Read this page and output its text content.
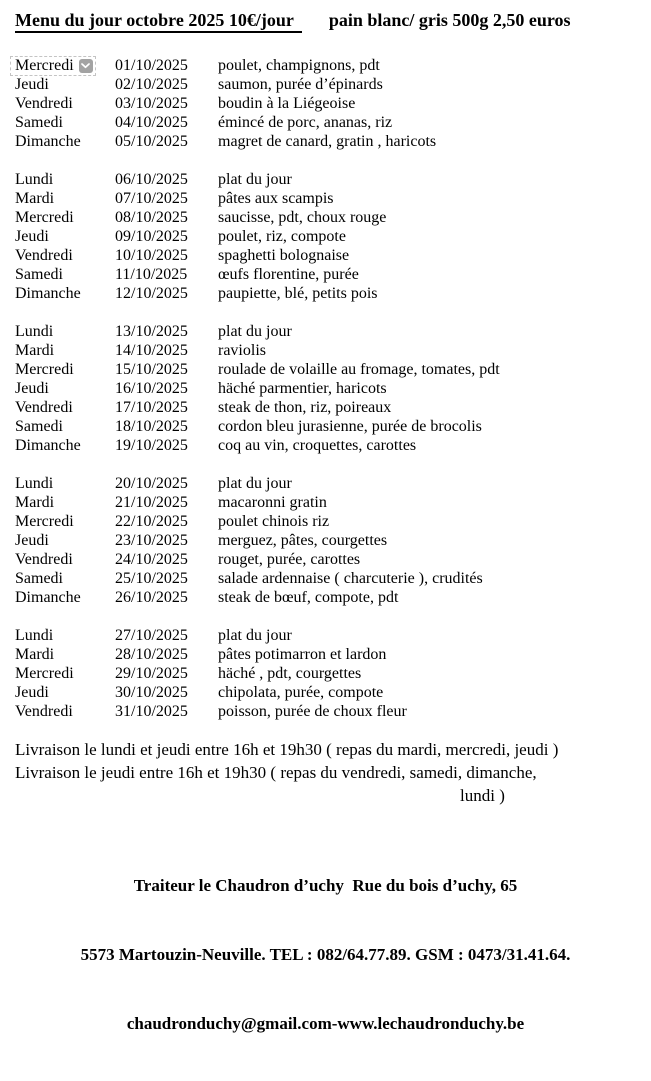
Menu du jour octobre 2025 10€/jour	pain blanc/ gris 500g 2,50 euros
Mercredi	01/10/2025	poulet, champignons, pdt
Jeudi	02/10/2025	saumon, purée d’épinards
Vendredi	03/10/2025	boudin à la Liégeoise
Samedi	04/10/2025	émincé de porc, ananas, riz
Dimanche	05/10/2025	magret de canard, gratin , haricots
Lundi	06/10/2025	plat du jour
Mardi	07/10/2025	pâtes aux scampis
Mercredi	08/10/2025	saucisse, pdt, choux rouge
Jeudi	09/10/2025	poulet, riz, compote
Vendredi	10/10/2025	spaghetti bolognaise
Samedi	11/10/2025	œufs florentine, purée
Dimanche	12/10/2025	paupiette, blé, petits pois
Lundi	13/10/2025	plat du jour
Mardi	14/10/2025	raviolis
Mercredi	15/10/2025	roulade de volaille au fromage, tomates, pdt
Jeudi	16/10/2025	häché parmentier, haricots
Vendredi	17/10/2025	steak de thon, riz, poireaux
Samedi	18/10/2025	cordon bleu jurasienne, purée de brocolis
Dimanche	19/10/2025	coq au vin, croquettes, carottes
Lundi	20/10/2025	plat du jour
Mardi	21/10/2025	macaronni gratin
Mercredi	22/10/2025	poulet chinois riz
Jeudi	23/10/2025	merguez, pâtes, courgettes
Vendredi	24/10/2025	rouget, purée, carottes
Samedi	25/10/2025	salade ardennaise ( charcuterie ), crudités
Dimanche	26/10/2025	steak de bœuf, compote, pdt
Lundi	27/10/2025	plat du jour
Mardi	28/10/2025	pâtes potimarron et lardon
Mercredi	29/10/2025	häché , pdt, courgettes
Jeudi	30/10/2025	chipolata, purée, compote
Vendredi	31/10/2025	poisson, purée de choux fleur
Livraison le lundi et jeudi entre 16h et 19h30 ( repas du mardi, mercredi, jeudi )
Livraison le jeudi entre 16h et 19h30 ( repas du vendredi, samedi, dimanche,
lundi )

Traiteur le Chaudron d’uchy  Rue du bois d’uchy, 65

5573 Martouzin-Neuville. TEL : 082/64.77.89. GSM : 0473/31.41.64.

chaudronduchy@gmail.com-www.lechaudronduchy.be
